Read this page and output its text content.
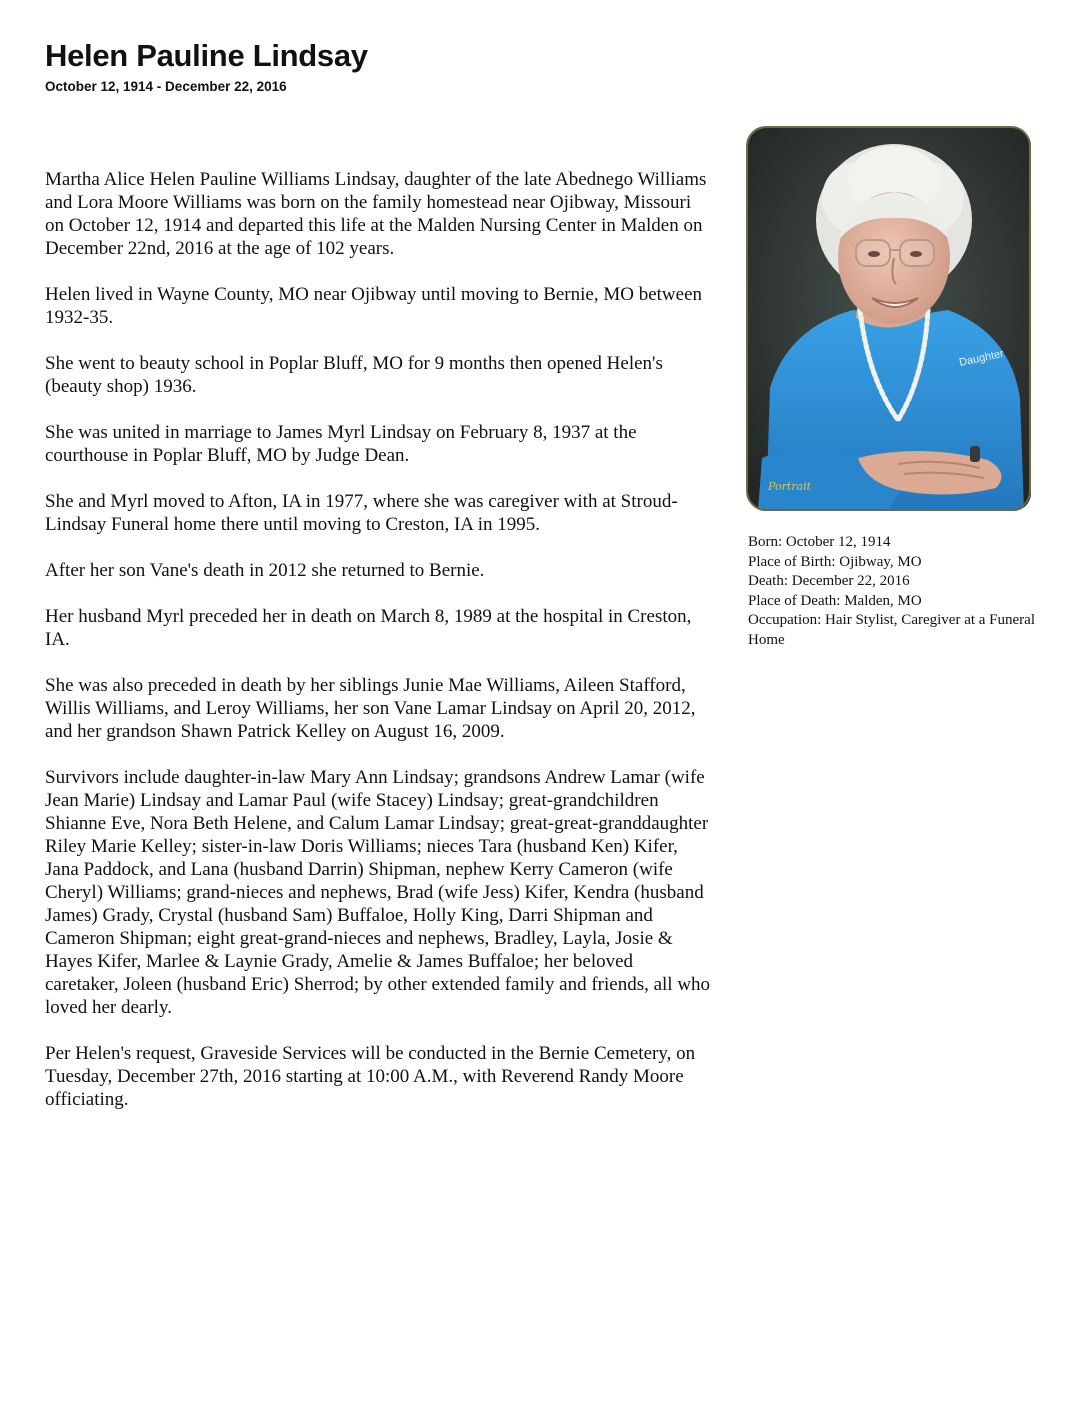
Helen Pauline Lindsay
October 12, 1914 - December 22, 2016

Martha Alice Helen Pauline Williams Lindsay, daughter of the late Abednego Williams and Lora Moore Williams was born on the family homestead near Ojibway, Missouri on October 12, 1914 and departed this life at the Malden Nursing Center in Malden on December 22nd, 2016 at the age of 102 years.

Helen lived in Wayne County, MO near Ojibway until moving to Bernie, MO between 1932-35.

She went to beauty school in Poplar Bluff, MO for 9 months then opened Helen's (beauty shop) 1936.

She was united in marriage to James Myrl Lindsay on February 8, 1937 at the courthouse in Poplar Bluff, MO by Judge Dean.

She and Myrl moved to Afton, IA in 1977, where she was caregiver with at Stroud-Lindsay Funeral home there until moving to Creston, IA in 1995.

After her son Vane's death in 2012 she returned to Bernie.

Her husband Myrl preceded her in death on March 8, 1989 at the hospital in Creston, IA.

She was also preceded in death by her siblings Junie Mae Williams, Aileen Stafford, Willis Williams, and Leroy Williams, her son Vane Lamar Lindsay on April 20, 2012, and her grandson Shawn Patrick Kelley on August 16, 2009.

Survivors include daughter-in-law Mary Ann Lindsay; grandsons Andrew Lamar (wife Jean Marie) Lindsay and Lamar Paul (wife Stacey) Lindsay; great-grandchildren Shianne Eve, Nora Beth Helene, and Calum Lamar Lindsay; great-great-granddaughter Riley Marie Kelley; sister-in-law Doris Williams; nieces Tara (husband Ken) Kifer, Jana Paddock, and Lana (husband Darrin) Shipman, nephew Kerry Cameron (wife Cheryl) Williams; grand-nieces and nephews, Brad (wife Jess) Kifer, Kendra (husband James) Grady, Crystal (husband Sam) Buffaloe, Holly King, Darri Shipman and Cameron Shipman; eight great-grand-nieces and nephews, Bradley, Layla, Josie & Hayes Kifer, Marlee & Laynie Grady, Amelie & James Buffaloe; her beloved caretaker, Joleen (husband Eric) Sherrod; by other extended family and friends, all who loved her dearly.

Per Helen's request, Graveside Services will be conducted in the Bernie Cemetery, on Tuesday, December 27th, 2016 starting at 10:00 A.M., with Reverend Randy Moore officiating.

Daughter
Portrait
Born: October 12, 1914
Place of Birth: Ojibway, MO
Death: December 22, 2016
Place of Death: Malden, MO
Occupation: Hair Stylist, Caregiver at a Funeral Home
